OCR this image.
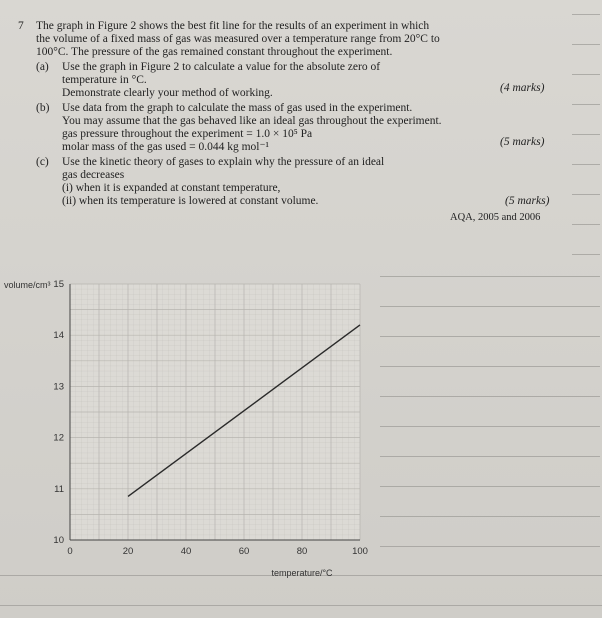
7 The graph in Figure 2 shows the best fit line for the results of an experiment in which
the volume of a fixed mass of gas was measured over a temperature range from 20°C to
100°C. The pressure of the gas remained constant throughout the experiment.
(a) Use the graph in Figure 2 to calculate a value for the absolute zero of
temperature in °C.
Demonstrate clearly your method of working.	(4 marks)
(b) Use data from the graph to calculate the mass of gas used in the experiment.
You may assume that the gas behaved like an ideal gas throughout the experiment.
gas pressure throughout the experiment = 1.0 × 10⁵ Pa
molar mass of the gas used = 0.044 kg mol⁻¹	(5 marks)
(c) Use the kinetic theory of gases to explain why the pressure of an ideal
gas decreases
(i) when it is expanded at constant temperature,
(ii) when its temperature is lowered at constant volume.	(5 marks)
AQA, 2005 and 2006
0	20	40	60	80	100
10
11
12
13
14
15
volume/cm³
temperature/°C
